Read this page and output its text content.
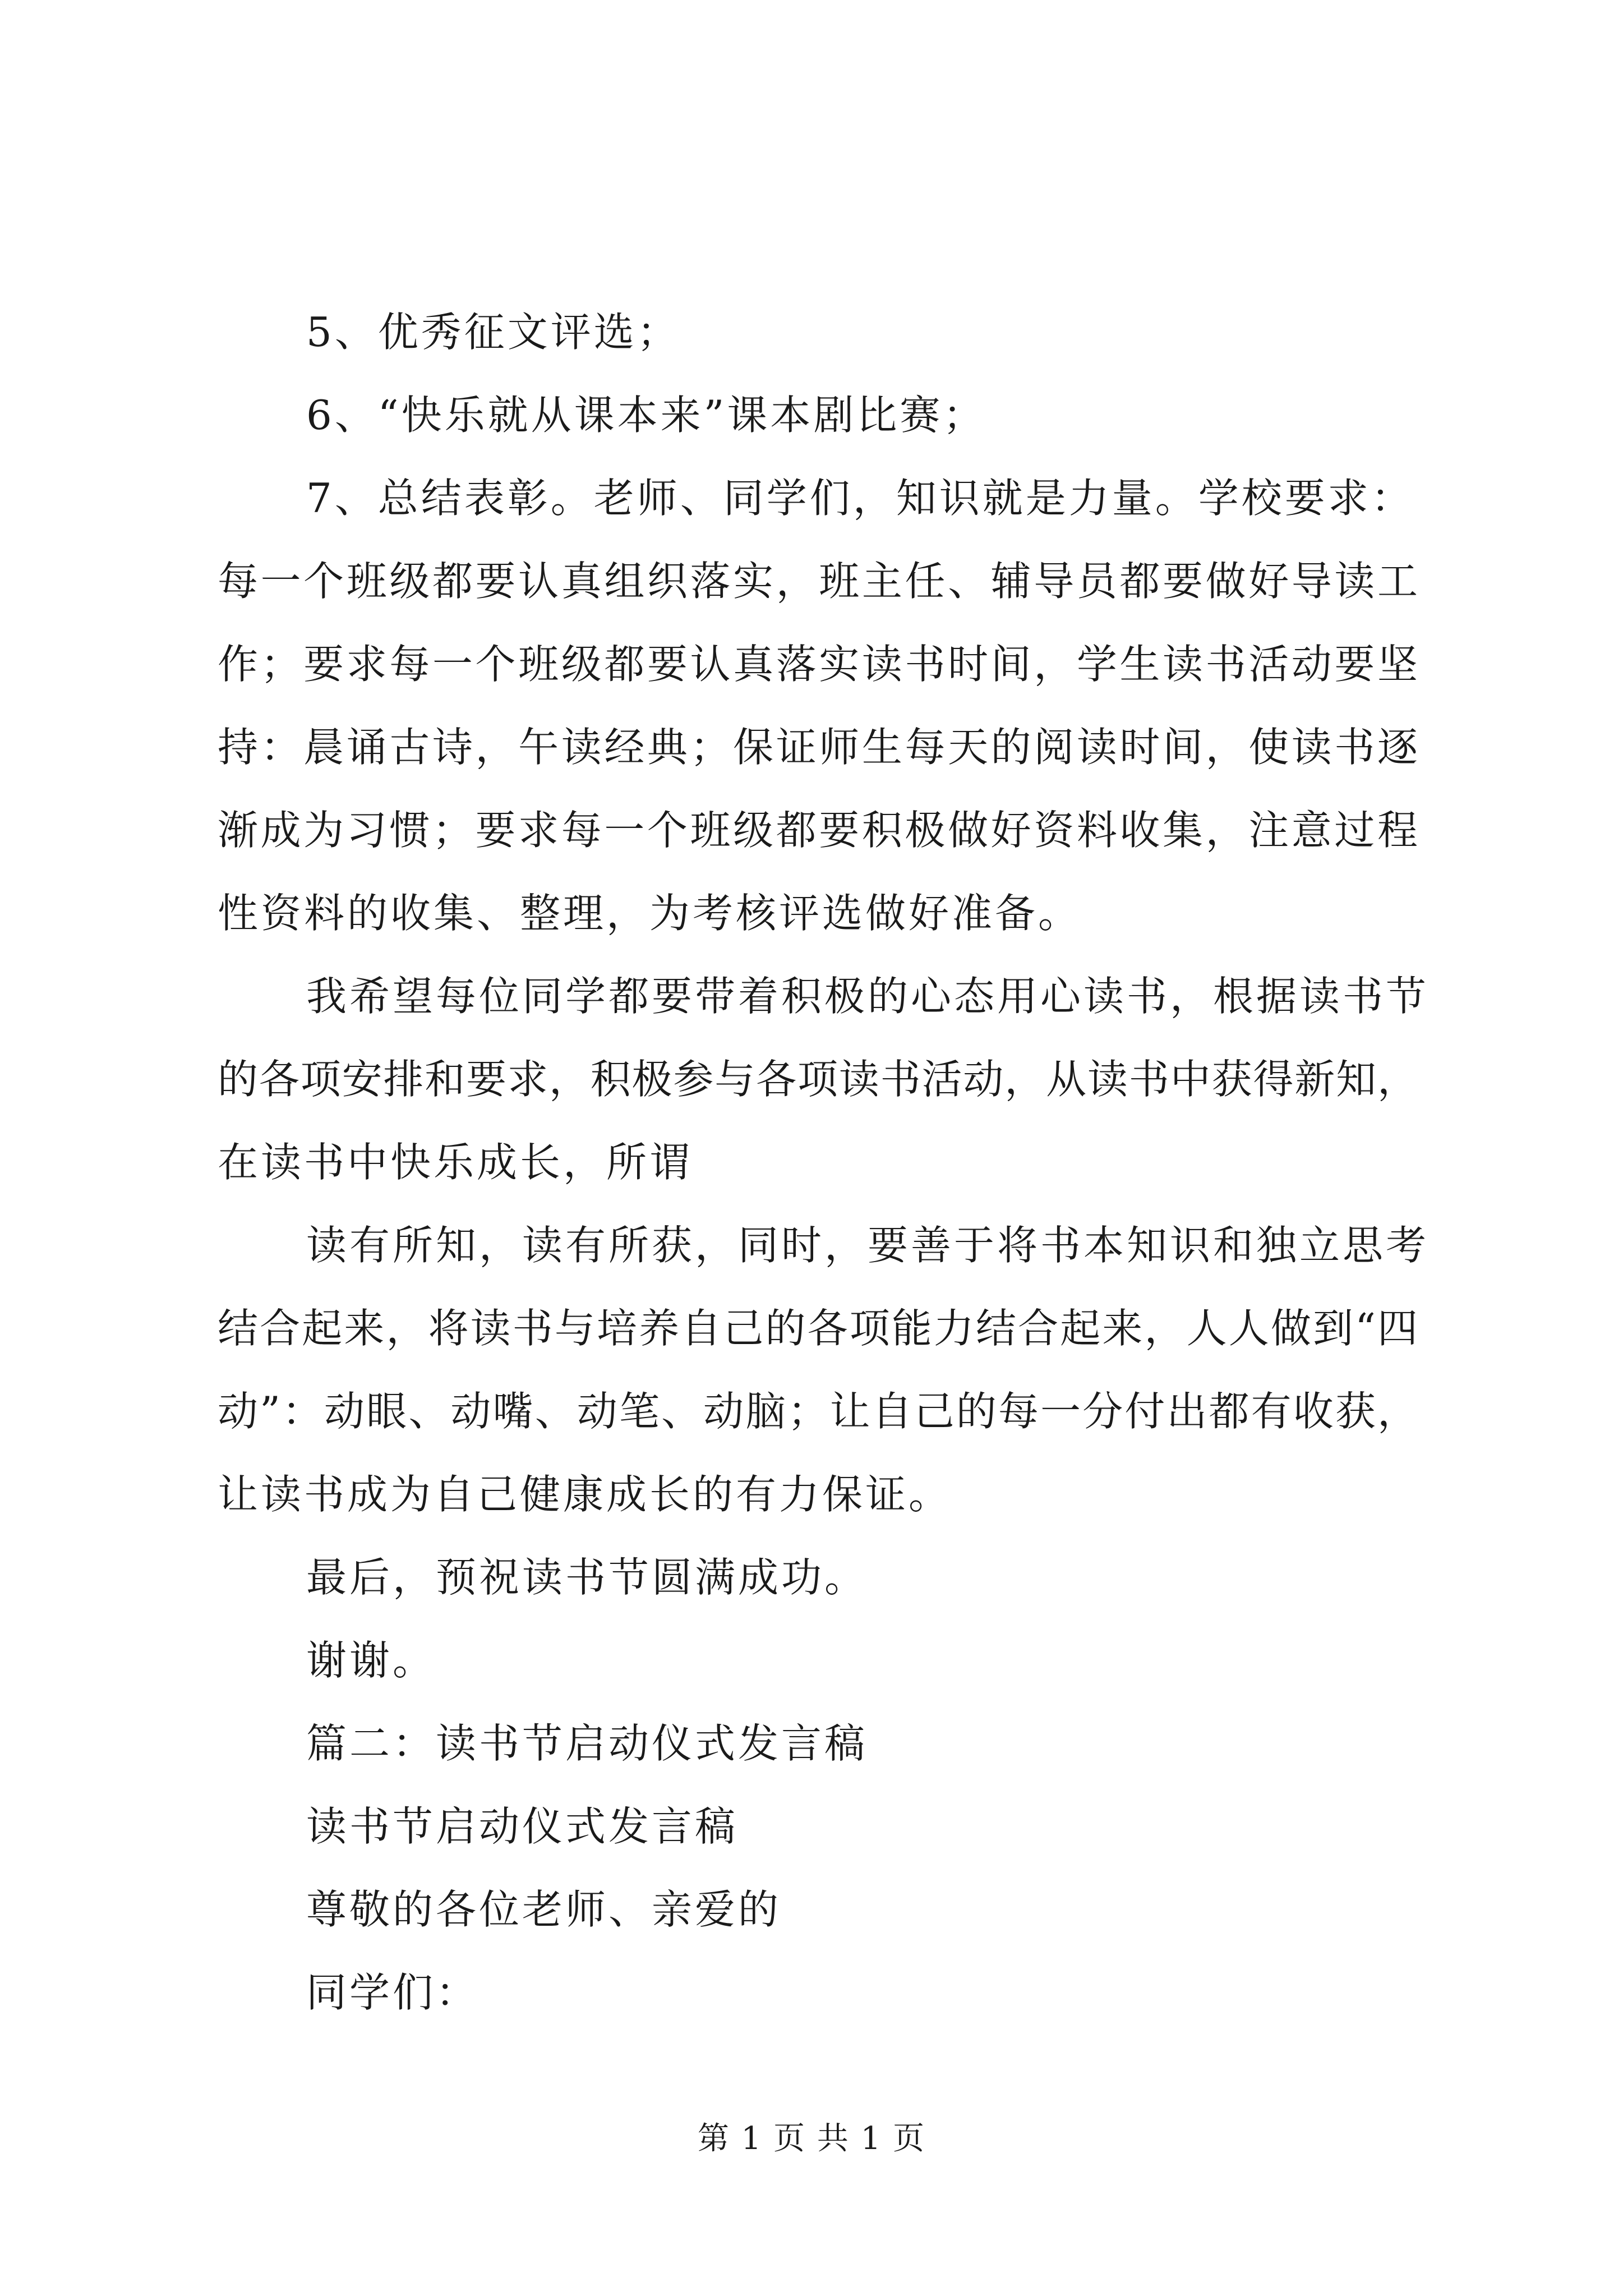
5、优秀征文评选；

6、“快乐就从课本来”课本剧比赛；

7、总结表彰。老师、同学们，知识就是力量。学校要求：
每一个班级都要认真组织落实，班主任、辅导员都要做好导读工
作；要求每一个班级都要认真落实读书时间，学生读书活动要坚
持：晨诵古诗，午读经典；保证师生每天的阅读时间，使读书逐
渐成为习惯；要求每一个班级都要积极做好资料收集，注意过程
性资料的收集、整理，为考核评选做好准备。
我希望每位同学都要带着积极的心态用心读书，根据读书节
的各项安排和要求，积极参与各项读书活动，从读书中获得新知，
在读书中快乐成长，所谓
读有所知，读有所获，同时，要善于将书本知识和独立思考
结合起来，将读书与培养自己的各项能力结合起来，人人做到“四
动”：动眼、动嘴、动笔、动脑；让自己的每一分付出都有收获，
让读书成为自己健康成长的有力保证。

最后，预祝读书节圆满成功。

谢谢。

篇二：读书节启动仪式发言稿

读书节启动仪式发言稿

尊敬的各位老师、亲爱的

同学们：

第 1 页 共 1 页
